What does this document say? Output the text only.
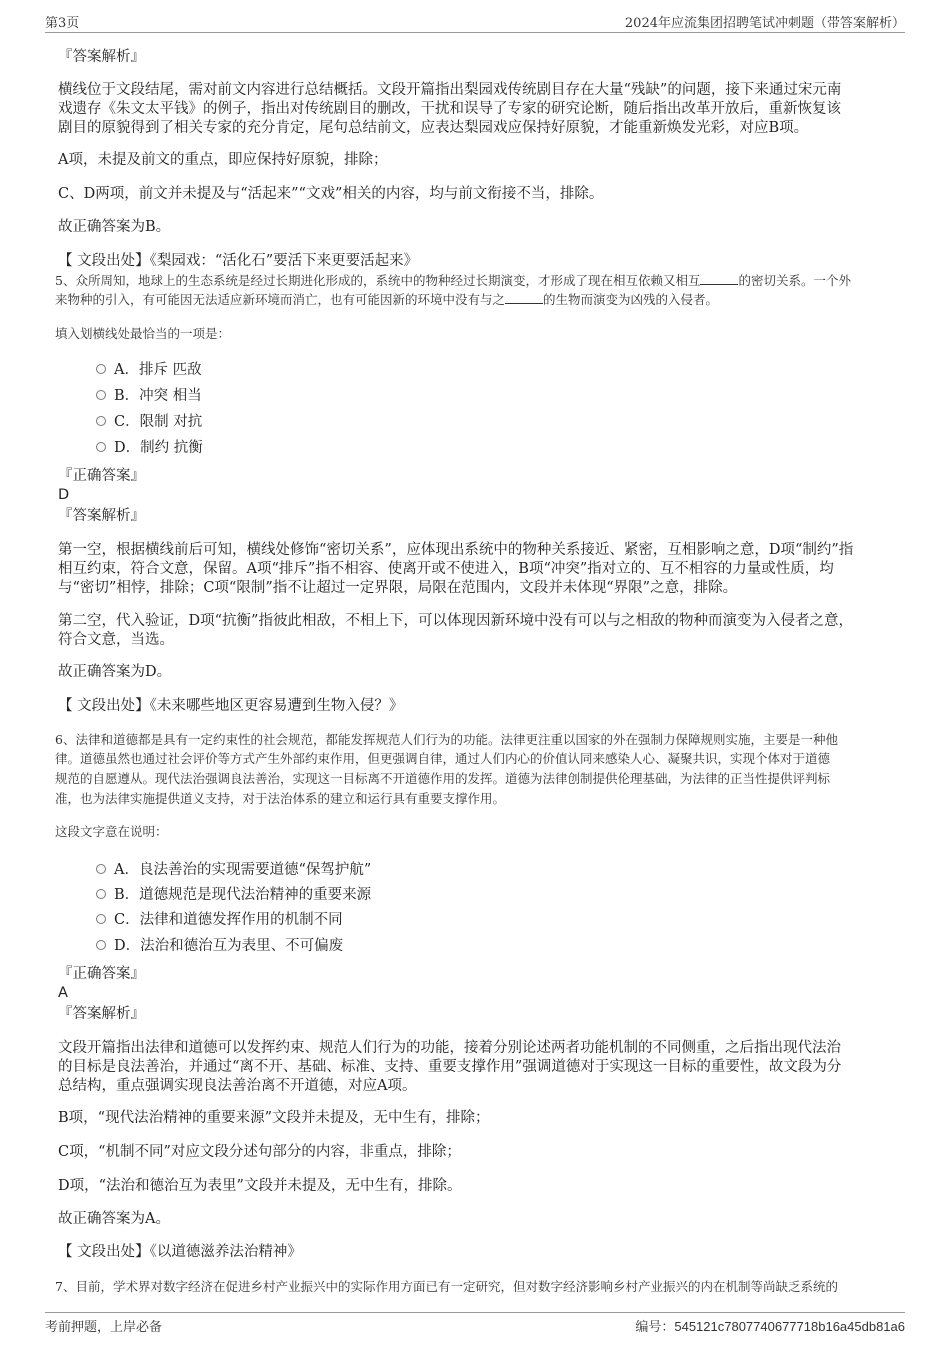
第3页	2024年应流集团招聘笔试冲刺题（带答案解析）
『答案解析』
横线位于文段结尾，需对前文内容进行总结概括。文段开篇指出梨园戏传统剧目存在大量“残缺”的问题，接下来通过宋元南
戏遗存《朱文太平钱》的例子，指出对传统剧目的删改，干扰和误导了专家的研究论断，随后指出改革开放后，重新恢复该
剧目的原貌得到了相关专家的充分肯定，尾句总结前文，应表达梨园戏应保持好原貌，才能重新焕发光彩，对应B项。
A项，未提及前文的重点，即应保持好原貌，排除；
C、D两项，前文并未提及与“活起来”“文戏”相关的内容，均与前文衔接不当，排除。
故正确答案为B。
【 文段出处】《梨园戏：“活化石”要活下来更要活起来》
5、众所周知，地球上的生态系统是经过长期进化形成的，系统中的物种经过长期演变，才形成了现在相互依赖又相互	的密切关系。一个外
来物种的引入，有可能因无法适应新环境而消亡，也有可能因新的环境中没有与之	的生物而演变为凶残的入侵者。
填入划横线处最恰当的一项是：
A．排斥 匹敌
B．冲突 相当
C．限制 对抗
D．制约 抗衡
『正确答案』
D
『答案解析』
第一空，根据横线前后可知，横线处修饰“密切关系”，应体现出系统中的物种关系接近、紧密，互相影响之意，D项“制约”指
相互约束，符合文意，保留。A项“排斥”指不相容、使离开或不使进入，B项“冲突”指对立的、互不相容的力量或性质，均
与“密切”相悖，排除；C项“限制”指不让超过一定界限，局限在范围内，文段并未体现“界限”之意，排除。
第二空，代入验证，D项“抗衡”指彼此相敌，不相上下，可以体现因新环境中没有可以与之相敌的物种而演变为入侵者之意，
符合文意，当选。
故正确答案为D。
【 文段出处】《未来哪些地区更容易遭到生物入侵？》
6、法律和道德都是具有一定约束性的社会规范，都能发挥规范人们行为的功能。法律更注重以国家的外在强制力保障规则实施，主要是一种他
律。道德虽然也通过社会评价等方式产生外部约束作用，但更强调自律，通过人们内心的价值认同来感染人心、凝聚共识，实现个体对于道德
规范的自愿遵从。现代法治强调良法善治，实现这一目标离不开道德作用的发挥。道德为法律创制提供伦理基础，为法律的正当性提供评判标
准，也为法律实施提供道义支持，对于法治体系的建立和运行具有重要支撑作用。
这段文字意在说明：
A．良法善治的实现需要道德“保驾护航”
B．道德规范是现代法治精神的重要来源
C．法律和道德发挥作用的机制不同
D．法治和德治互为表里、不可偏废
『正确答案』
A
『答案解析』
文段开篇指出法律和道德可以发挥约束、规范人们行为的功能，接着分别论述两者功能机制的不同侧重，之后指出现代法治
的目标是良法善治，并通过“离不开、基础、标准、支持、重要支撑作用”强调道德对于实现这一目标的重要性，故文段为分
总结构，重点强调实现良法善治离不开道德，对应A项。
B项，“现代法治精神的重要来源”文段并未提及，无中生有，排除；
C项，“机制不同”对应文段分述句部分的内容，非重点，排除；
D项，“法治和德治互为表里”文段并未提及，无中生有，排除。
故正确答案为A。
【 文段出处】《以道德滋养法治精神》
7、目前，学术界对数字经济在促进乡村产业振兴中的实际作用方面已有一定研究，但对数字经济影响乡村产业振兴的内在机制等尚缺乏系统的
考前押题，上岸必备	编号：545121c7807740677718b16a45db81a6
